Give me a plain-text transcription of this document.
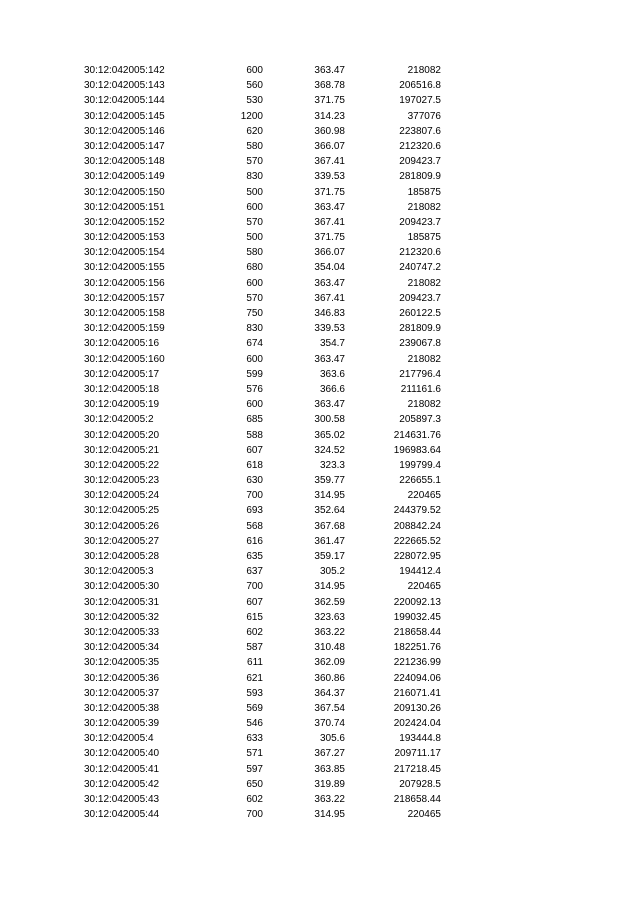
30:12:042005:142	600	363.47	218082
30:12:042005:143	560	368.78	206516.8
30:12:042005:144	530	371.75	197027.5
30:12:042005:145	1200	314.23	377076
30:12:042005:146	620	360.98	223807.6
30:12:042005:147	580	366.07	212320.6
30:12:042005:148	570	367.41	209423.7
30:12:042005:149	830	339.53	281809.9
30:12:042005:150	500	371.75	185875
30:12:042005:151	600	363.47	218082
30:12:042005:152	570	367.41	209423.7
30:12:042005:153	500	371.75	185875
30:12:042005:154	580	366.07	212320.6
30:12:042005:155	680	354.04	240747.2
30:12:042005:156	600	363.47	218082
30:12:042005:157	570	367.41	209423.7
30:12:042005:158	750	346.83	260122.5
30:12:042005:159	830	339.53	281809.9
30:12:042005:16	674	354.7	239067.8
30:12:042005:160	600	363.47	218082
30:12:042005:17	599	363.6	217796.4
30:12:042005:18	576	366.6	211161.6
30:12:042005:19	600	363.47	218082
30:12:042005:2	685	300.58	205897.3
30:12:042005:20	588	365.02	214631.76
30:12:042005:21	607	324.52	196983.64
30:12:042005:22	618	323.3	199799.4
30:12:042005:23	630	359.77	226655.1
30:12:042005:24	700	314.95	220465
30:12:042005:25	693	352.64	244379.52
30:12:042005:26	568	367.68	208842.24
30:12:042005:27	616	361.47	222665.52
30:12:042005:28	635	359.17	228072.95
30:12:042005:3	637	305.2	194412.4
30:12:042005:30	700	314.95	220465
30:12:042005:31	607	362.59	220092.13
30:12:042005:32	615	323.63	199032.45
30:12:042005:33	602	363.22	218658.44
30:12:042005:34	587	310.48	182251.76
30:12:042005:35	611	362.09	221236.99
30:12:042005:36	621	360.86	224094.06
30:12:042005:37	593	364.37	216071.41
30:12:042005:38	569	367.54	209130.26
30:12:042005:39	546	370.74	202424.04
30:12:042005:4	633	305.6	193444.8
30:12:042005:40	571	367.27	209711.17
30:12:042005:41	597	363.85	217218.45
30:12:042005:42	650	319.89	207928.5
30:12:042005:43	602	363.22	218658.44
30:12:042005:44	700	314.95	220465
